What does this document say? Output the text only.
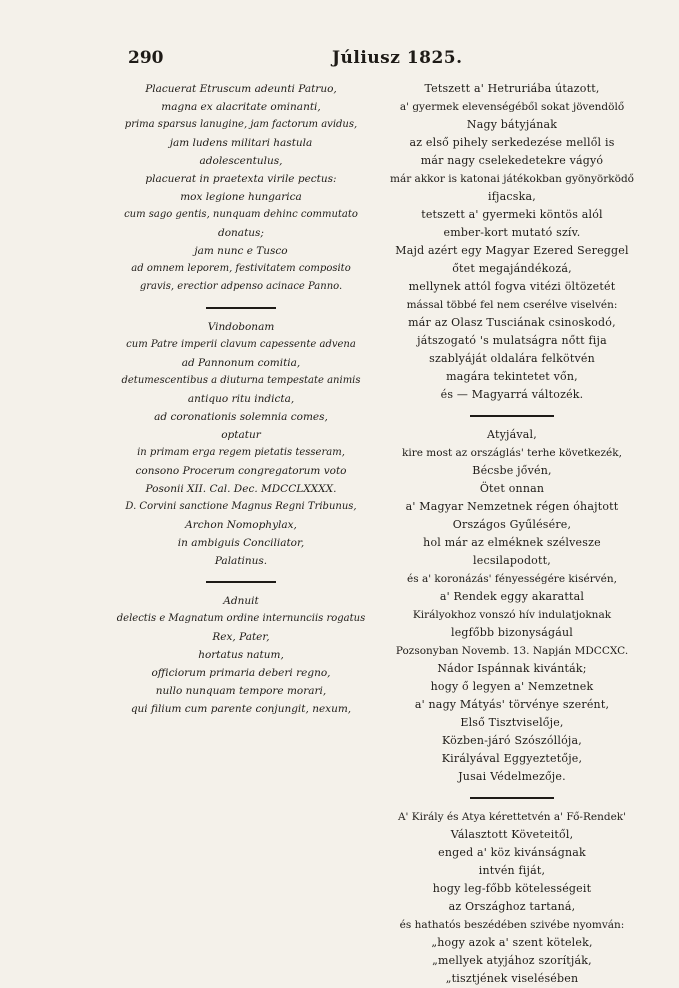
290	Júliusz 1825.
Placuerat Etruscum adeunti Patruo,
magna ex alacritate ominanti,
prima sparsus lanugine, jam factorum avidus,
jam ludens militari hastula
adolescentulus,
placuerat in praetexta virile pectus:
mox legione hungarica
cum sago gentis, nunquam dehinc commutato
donatus;
jam nunc e Tusco
ad omnem leporem, festivitatem composito
gravis, erectior adpenso acinace Panno.
Vindobonam
cum Patre imperii clavum capessente advena
ad Pannonum comitia,
detumescentibus a diuturna tempestate animis
antiquo ritu indicta,
ad coronationis solemnia comes,
optatur
in primam erga regem pietatis tesseram,
consono Procerum congregatorum voto
Posonii XII. Cal. Dec. MDCCLXXXX.
D. Corvini sanctione Magnus Regni Tribunus,
Archon Nomophylax,
in ambiguis Conciliator,
Palatinus.
Adnuit
delectis e Magnatum ordine internunciis rogatus
Rex, Pater,
hortatus natum,
officiorum primaria deberi regno,
nullo nunquam tempore morari,
qui filium cum parente conjungit, nexum,
Tetszett a' Hetruriába útazott,
a' gyermek elevenségéből sokat jövendölő
Nagy bátyjának
az első pihely serkedezése mellől is
már nagy cselekedetekre vágyó
már akkor is katonai játékokban gyönyörködő
ifjacska,
tetszett a' gyermeki köntös alól
ember-kort mutató szív.
Majd azért egy Magyar Ezered Sereggel
őtet megajándékozá,
mellynek attól fogva vitézi öltözetét
mással többé fel nem cserélve viselvén:
már az Olasz Tusciának csinoskodó,
játszogató 's mulatságra nőtt fija
szablyáját oldalára felkötvén
magára tekintetet vőn,
és — Magyarrá változék.
Atyjával,
kire most az országlás' terhe következék,
Bécsbe jővén,
Ötet onnan
a' Magyar Nemzetnek régen óhajtott
Országos Gyűlésére,
hol már az elméknek szélvesze
lecsilapodott,
és a' koronázás' fényességére kisérvén,
a' Rendek eggy akarattal
Királyokhoz vonszó hív indulatjoknak
legfőbb bizonyságául
Pozsonyban Novemb. 13. Napján MDCCXC.
Nádor Ispánnak kivánták;
hogy ő legyen a' Nemzetnek
a' nagy Mátyás' törvénye szerént,
Első Tisztviselője,
Közben-járó Szószóllója,
Királyával Eggyeztetője,
Jusai Védelmezője.
A' Király és Atya kérettetvén a' Fő-Rendek'
Választott Követeitől,
enged a' köz kivánságnak
intvén fiját,
hogy leg-főbb kötelességeit
az Országhoz tartaná,
és hathatós beszédében szivébe nyomván:
„hogy azok a' szent kötelek,
„mellyek atyjához szorítják,
„tisztjének viselésében
